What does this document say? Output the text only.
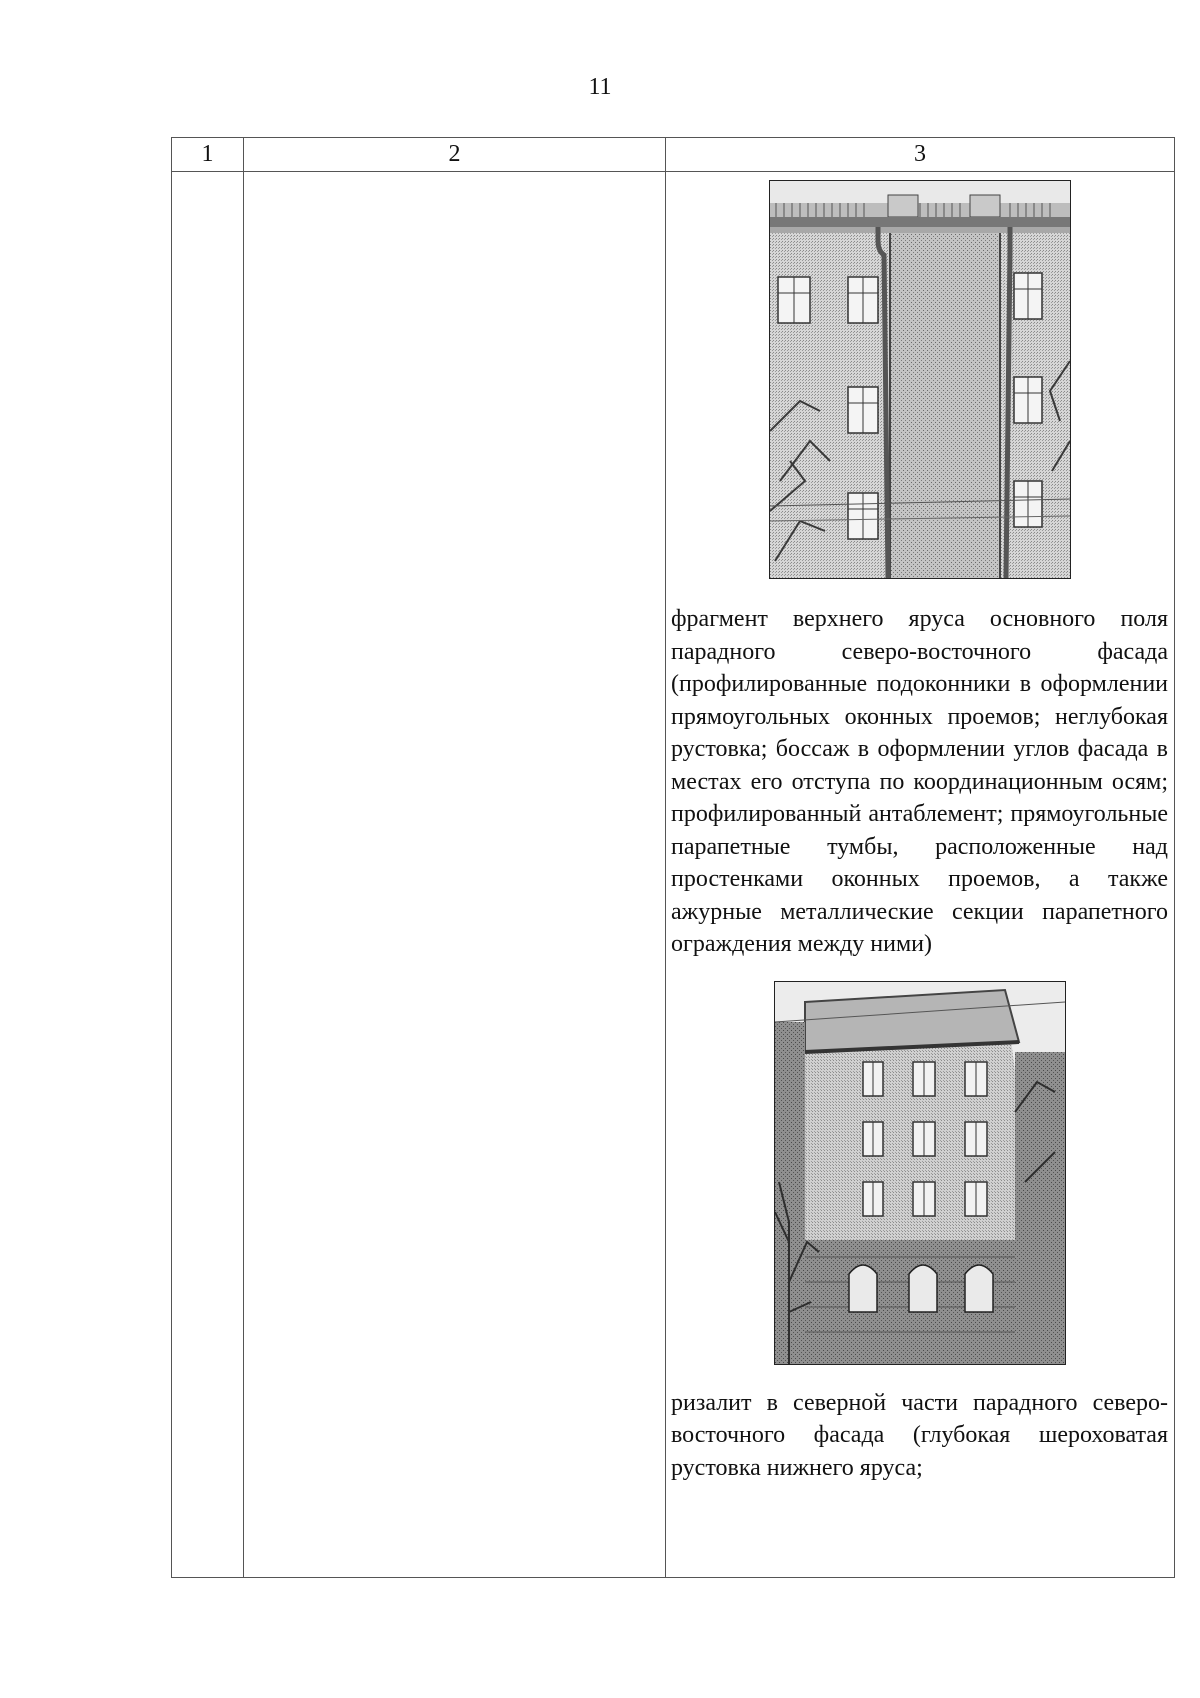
11
1	2	3

		фрагмент верхнего яруса основного поля парадного северо-восточного фасада (профилированные подоконники в оформлении прямоугольных оконных проемов; неглубокая рустовка; боссаж в оформлении углов фасада в местах его отступа по координационным осям; профилированный антаблемент; прямоугольные парапетные тумбы, расположенные над простенками оконных проемов, а также ажурные металлические секции парапетного ограждения между ними)
ризалит в северной части парадного северо-восточного фасада (глубокая шероховатая рустовка нижнего яруса;
